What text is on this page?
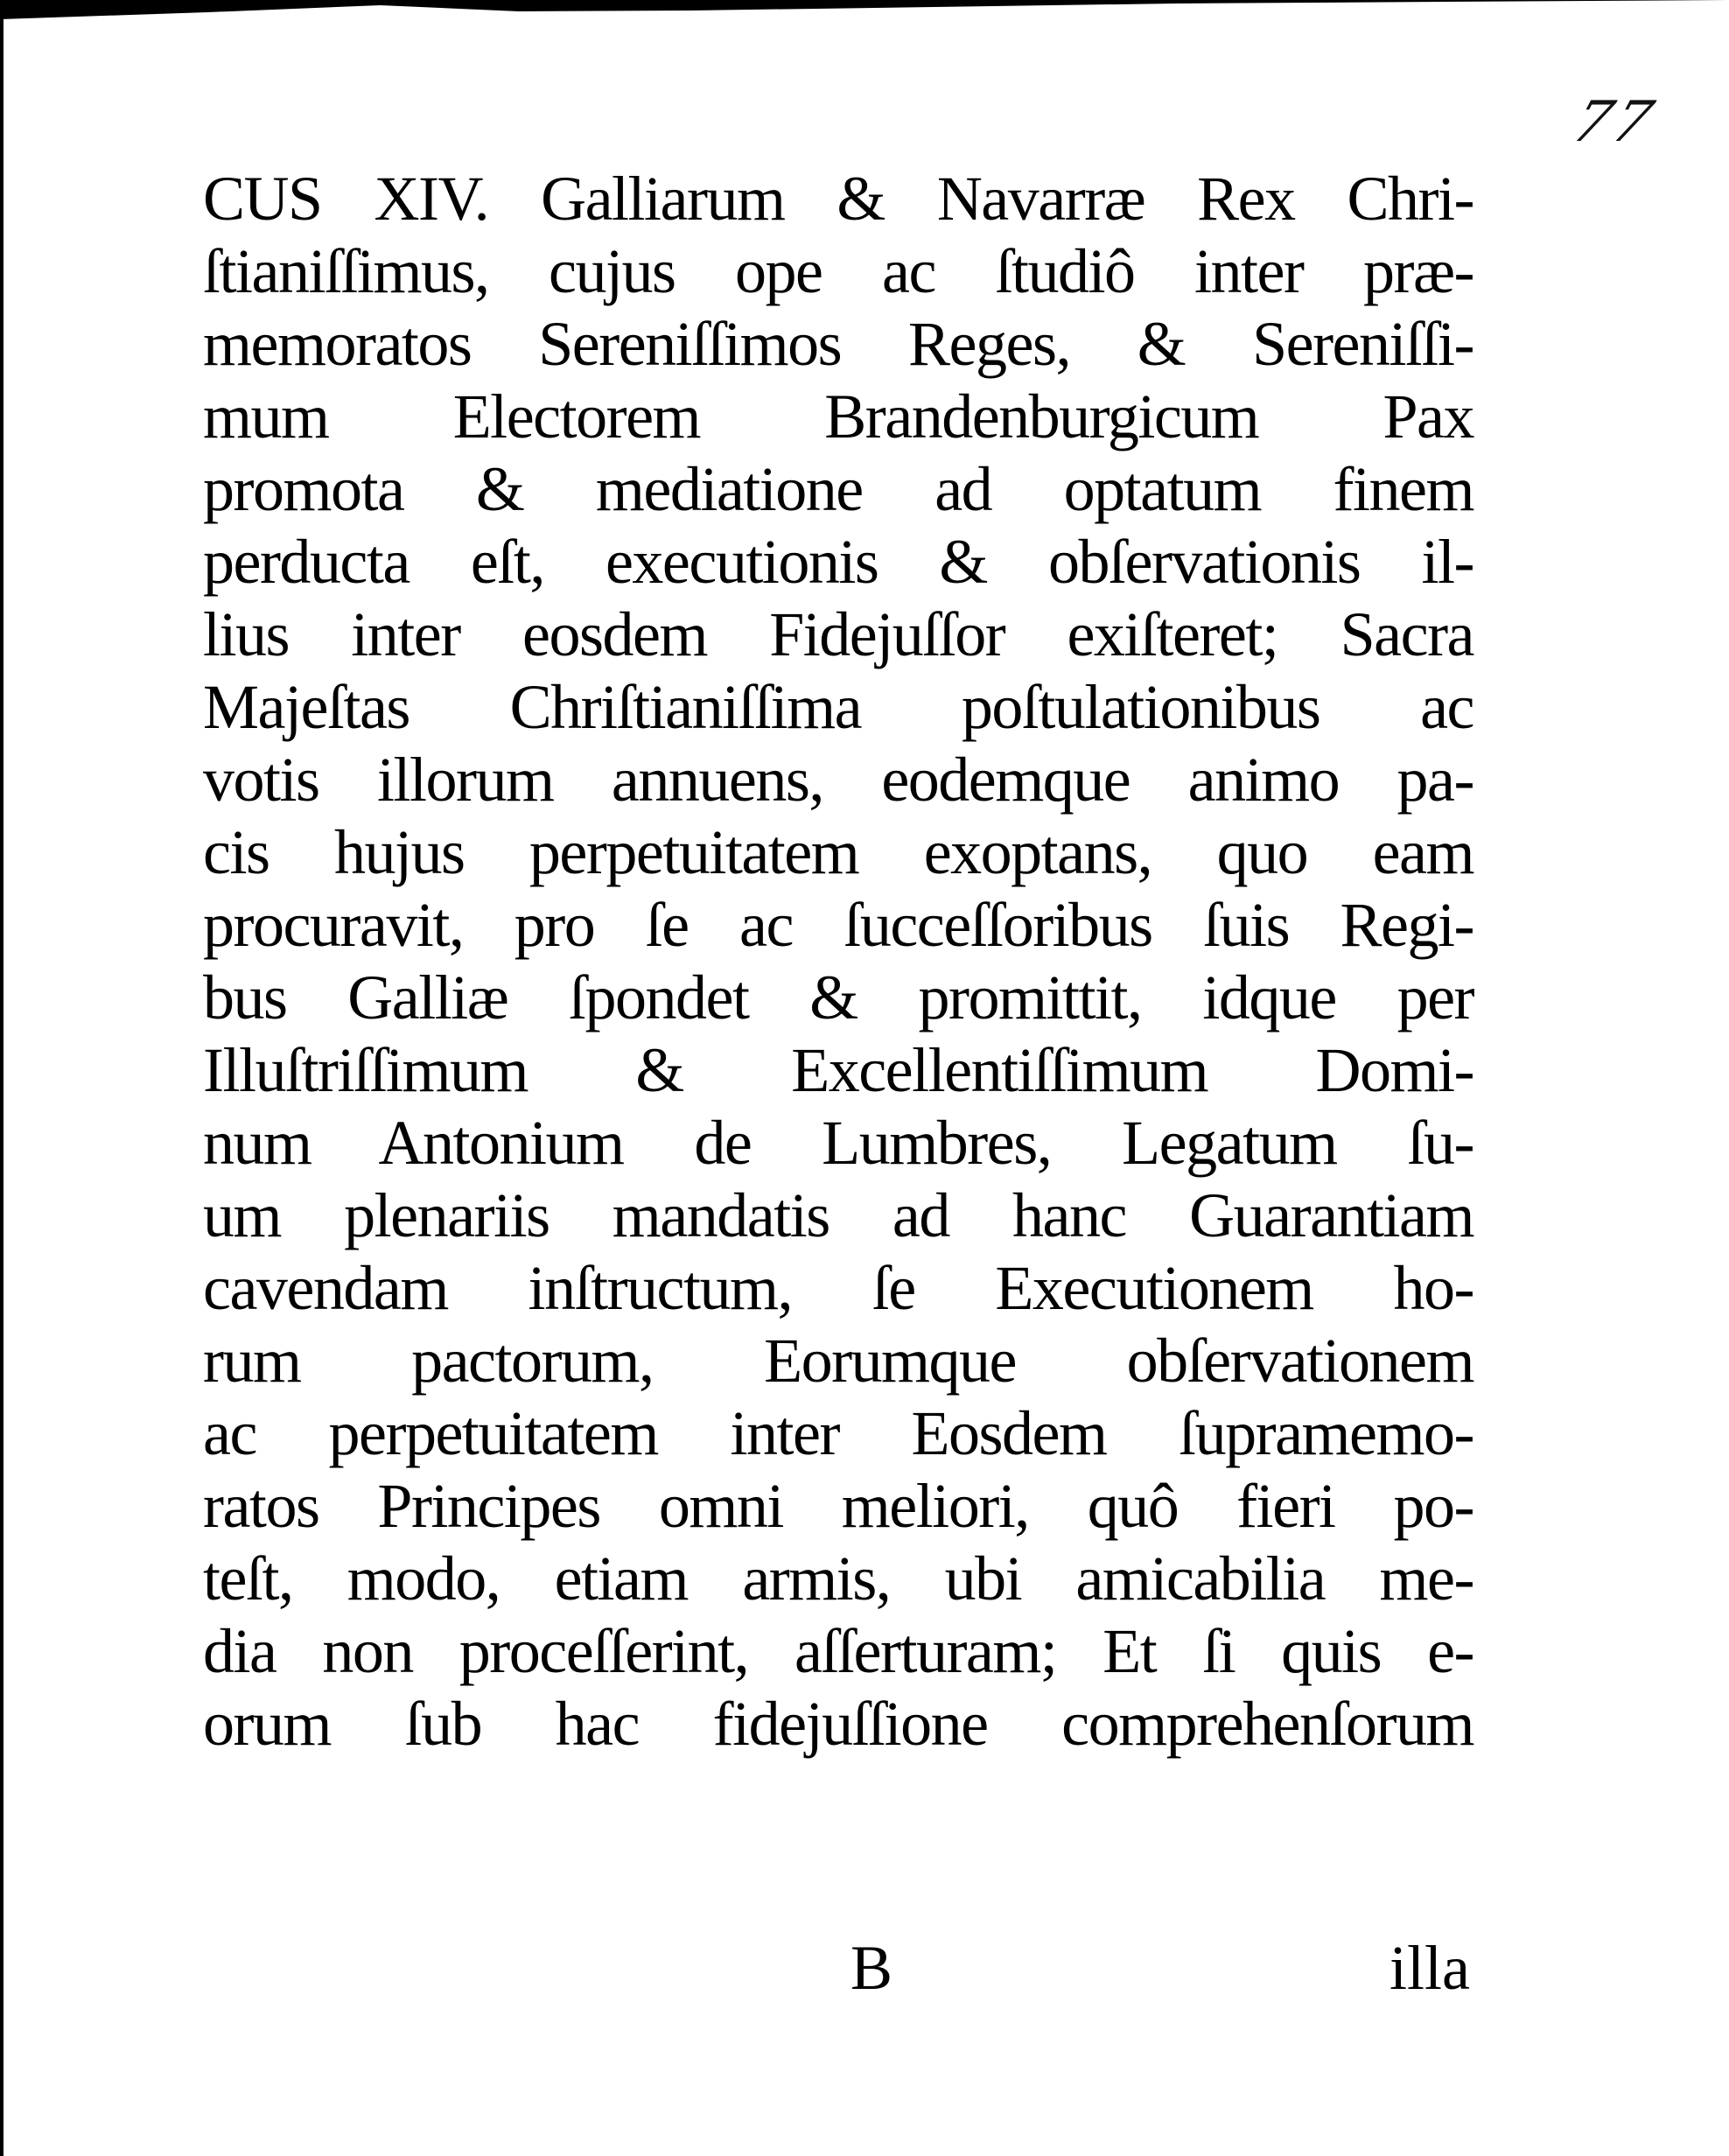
77
CUS XIV. Galliarum & Navarræ Rex Chri-
ſtianiſſimus, cujus ope ac ſtudiô inter præ-
memoratos Sereniſſimos Reges, & Sereniſſi-
mum Electorem Brandenburgicum Pax
promota & mediatione ad optatum finem
perducta eſt, executionis & obſervationis il-
lius inter eosdem Fidejuſſor exiſteret; Sacra
Majeſtas Chriſtianiſſima poſtulationibus ac
votis illorum annuens, eodemque animo pa-
cis hujus perpetuitatem exoptans, quo eam
procuravit, pro ſe ac ſucceſſoribus ſuis Regi-
bus Galliæ ſpondet & promittit, idque per
Illuſtriſſimum & Excellentiſſimum Domi-
num Antonium de Lumbres, Legatum ſu-
um plenariis mandatis ad hanc Guarantiam
cavendam inſtructum, ſe Executionem ho-
rum pactorum, Eorumque obſervationem
ac perpetuitatem inter Eosdem ſupramemo-
ratos Principes omni meliori, quô fieri po-
teſt, modo, etiam armis, ubi amicabilia me-
dia non proceſſerint, aſſerturam; Et ſi quis e-
orum ſub hac fidejuſſione comprehenſorum
B	illa
